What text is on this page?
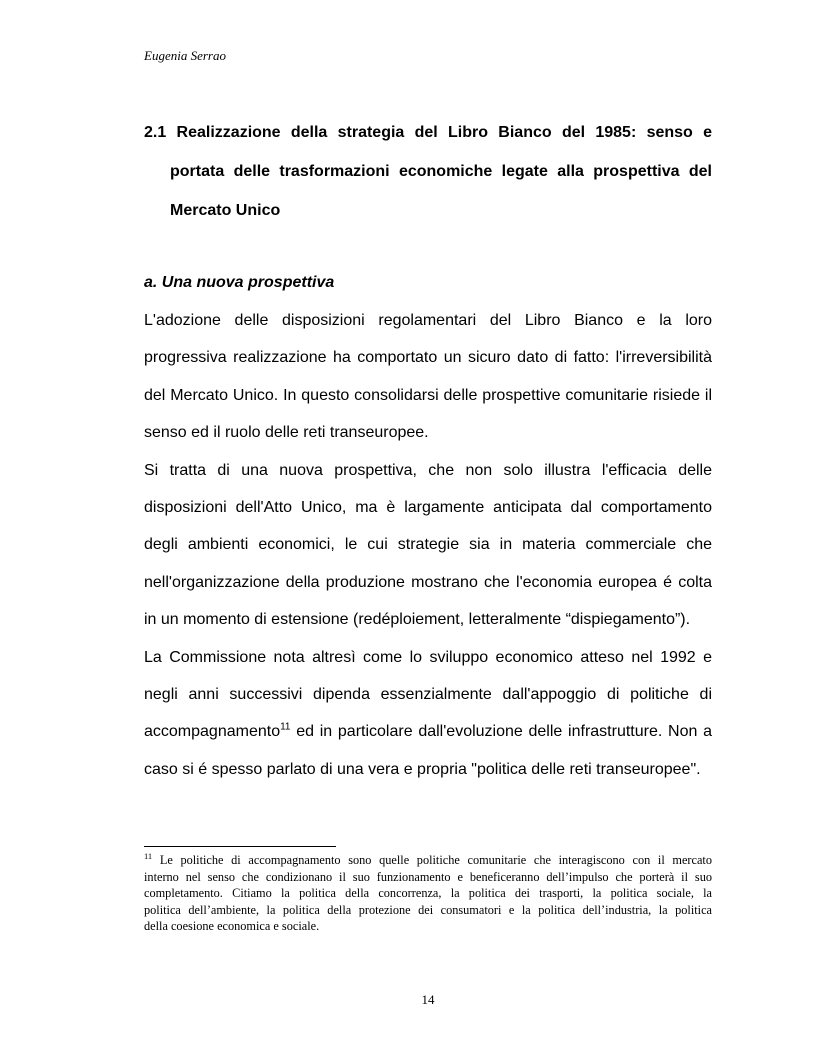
Eugenia Serrao
2.1 Realizzazione della strategia del Libro Bianco del 1985: senso e
portata delle trasformazioni economiche legate alla prospettiva del
Mercato Unico
a. Una nuova prospettiva
L'adozione delle disposizioni regolamentari del Libro Bianco e la loro
progressiva realizzazione ha comportato un sicuro dato di fatto: l'irreversibilità
del Mercato Unico. In questo consolidarsi delle prospettive comunitarie risiede il
senso ed il ruolo delle reti transeuropee.
Si tratta di una nuova prospettiva, che non solo illustra l'efficacia delle
disposizioni dell'Atto Unico, ma è largamente anticipata dal comportamento
degli ambienti economici, le cui strategie sia in materia commerciale che
nell'organizzazione della produzione mostrano che l'economia europea é colta
in un momento di estensione (redéploiement, letteralmente “dispiegamento”).
La Commissione nota altresì come lo sviluppo economico atteso nel 1992 e
negli anni successivi dipenda essenzialmente dall'appoggio di politiche di
accompagnamento$^{11}$ ed in particolare dall'evoluzione delle infrastrutture. Non a
caso si é spesso parlato di una vera e propria "politica delle reti transeuropee".
$^{11}$ Le politiche di accompagnamento sono quelle politiche comunitarie che interagiscono con il mercato
interno nel senso che condizionano il suo funzionamento e beneficeranno dell’impulso che porterà il suo
completamento. Citiamo la politica della concorrenza, la politica dei trasporti, la politica sociale, la
politica dell’ambiente, la politica della protezione dei consumatori e la politica dell’industria, la politica
della coesione economica e sociale.
14
